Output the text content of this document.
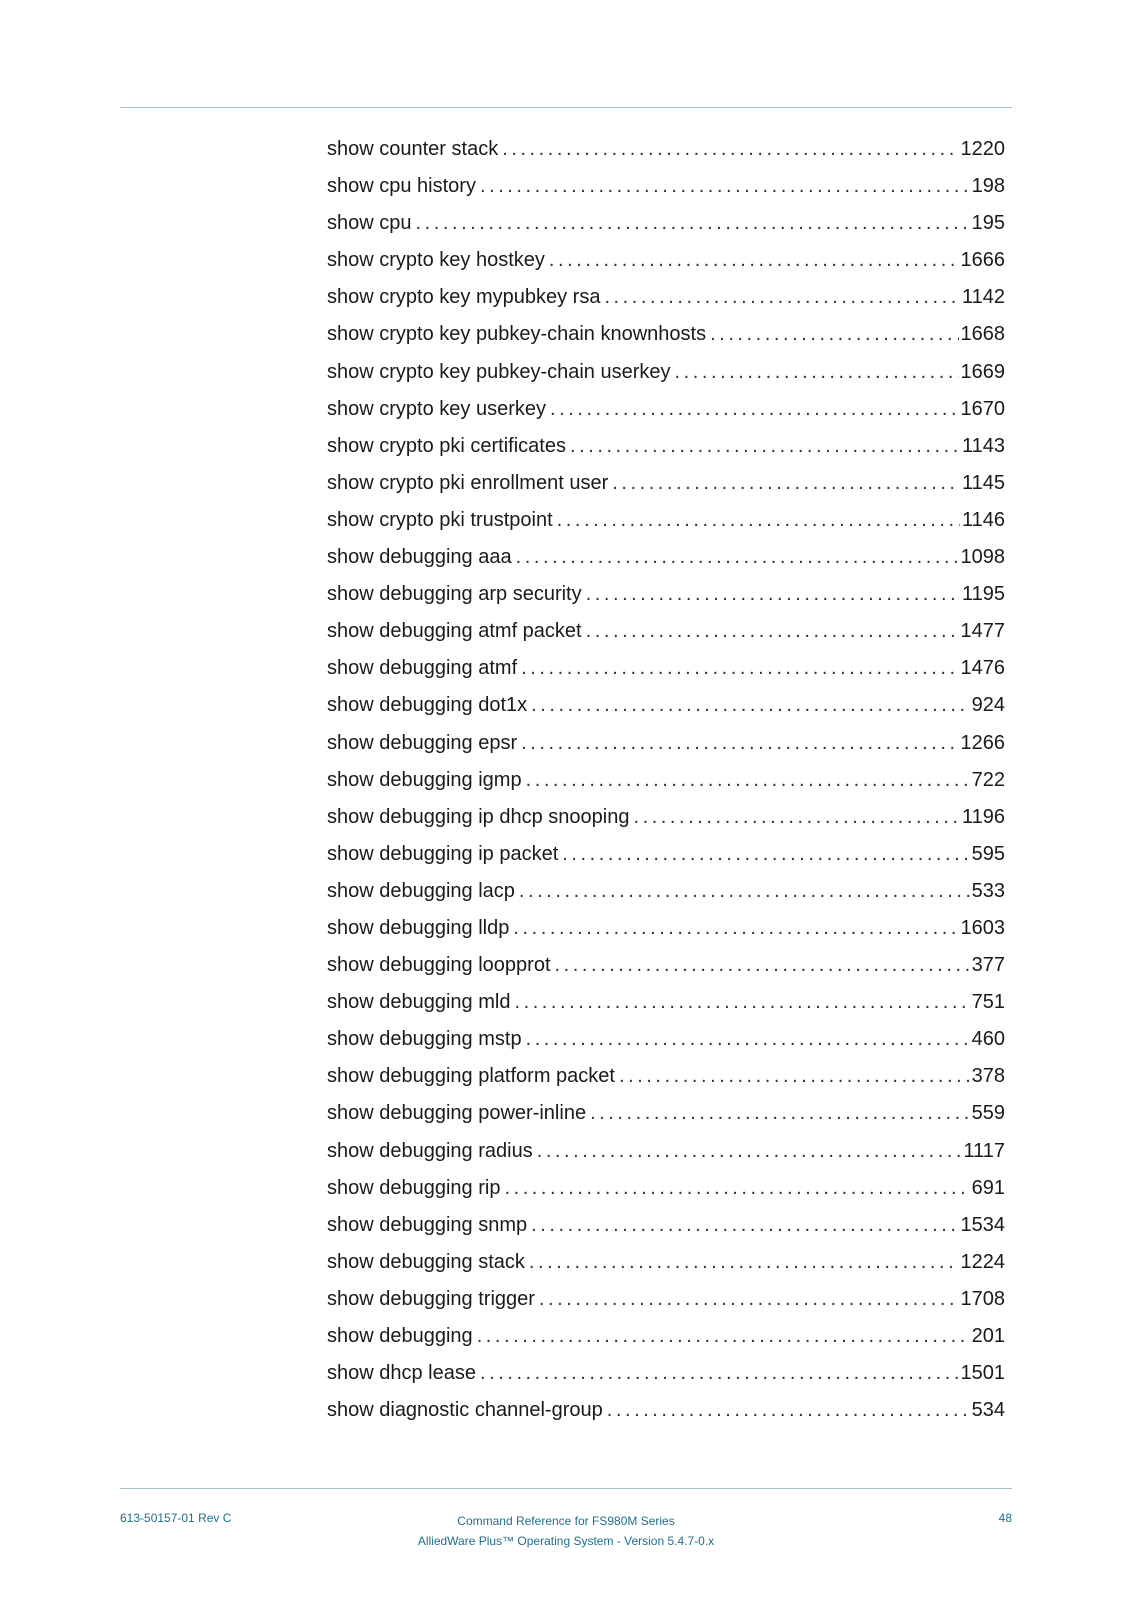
show counter stack . . .	1220
show cpu history . . .	198
show cpu . . .	195
show crypto key hostkey . . .	1666
show crypto key mypubkey rsa . . .	1142
show crypto key pubkey-chain knownhosts . . .	1668
show crypto key pubkey-chain userkey . . .	1669
show crypto key userkey . . .	1670
show crypto pki certificates . . .	1143
show crypto pki enrollment user . . .	1145
show crypto pki trustpoint . . .	1146
show debugging aaa . . .	1098
show debugging arp security . . .	1195
show debugging atmf packet . . .	1477
show debugging atmf . . .	1476
show debugging dot1x . . .	924
show debugging epsr . . .	1266
show debugging igmp . . .	722
show debugging ip dhcp snooping . . .	1196
show debugging ip packet . . .	595
show debugging lacp . . .	533
show debugging lldp . . .	1603
show debugging loopprot . . .	377
show debugging mld . . .	751
show debugging mstp . . .	460
show debugging platform packet . . .	378
show debugging power-inline . . .	559
show debugging radius . . .	1117
show debugging rip . . .	691
show debugging snmp . . .	1534
show debugging stack . . .	1224
show debugging trigger . . .	1708
show debugging . . .	201
show dhcp lease . . .	1501
show diagnostic channel-group . . .	534
613-50157-01 Rev C	Command Reference for FS980M Series
AlliedWare Plus™ Operating System - Version 5.4.7-0.x
48
